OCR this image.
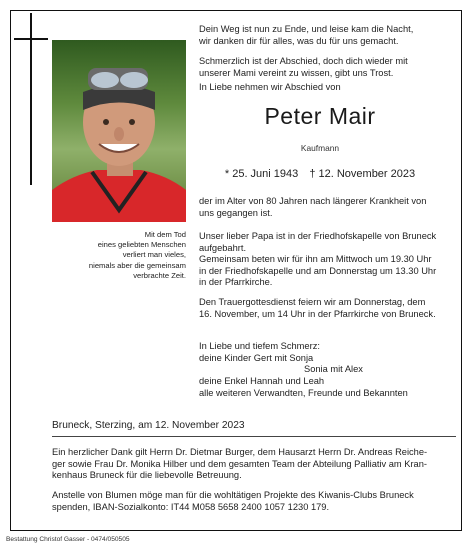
Mit dem Tod
eines geliebten Menschen
verliert man vieles,
niemals aber die gemeinsam
verbrachte Zeit.
Dein Weg ist nun zu Ende, und leise kam die Nacht,
wir danken dir für alles, was du für uns gemacht.
Schmerzlich ist der Abschied, doch dich wieder mit
unserer Mami vereint zu wissen, gibt uns Trost.
In Liebe nehmen wir Abschied von
Peter Mair
Kaufmann
* 25. Juni 1943 † 12. November 2023
der im Alter von 80 Jahren nach längerer Krankheit von
uns gegangen ist.
Unser lieber Papa ist in der Friedhofskapelle von Bruneck
aufgebahrt.
Gemeinsam beten wir für ihn am Mittwoch um 19.30 Uhr
in der Friedhofskapelle und am Donnerstag um 13.30 Uhr
in der Pfarrkirche.
Den Trauergottesdienst feiern wir am Donnerstag, dem
16. November, um 14 Uhr in der Pfarrkirche von Bruneck.
In Liebe und tiefem Schmerz:
deine Kinder Gert mit Sonja
Sonia mit Alex
deine Enkel Hannah und Leah
alle weiteren Verwandten, Freunde und Bekannten
Bruneck, Sterzing, am 12. November 2023
Ein herzlicher Dank gilt Herrn Dr. Dietmar Burger, dem Hausarzt Herrn Dr. Andreas Reiche-
ger sowie Frau Dr. Monika Hilber und dem gesamten Team der Abteilung Palliativ am Kran-
kenhaus Bruneck für die liebevolle Betreuung.
Anstelle von Blumen möge man für die wohltätigen Projekte des Kiwanis-Clubs Bruneck
spenden, IBAN-Sozialkonto: IT44 M058 5658 2400 1057 1230 179.
Bestattung Christof Gasser - 0474/050505
